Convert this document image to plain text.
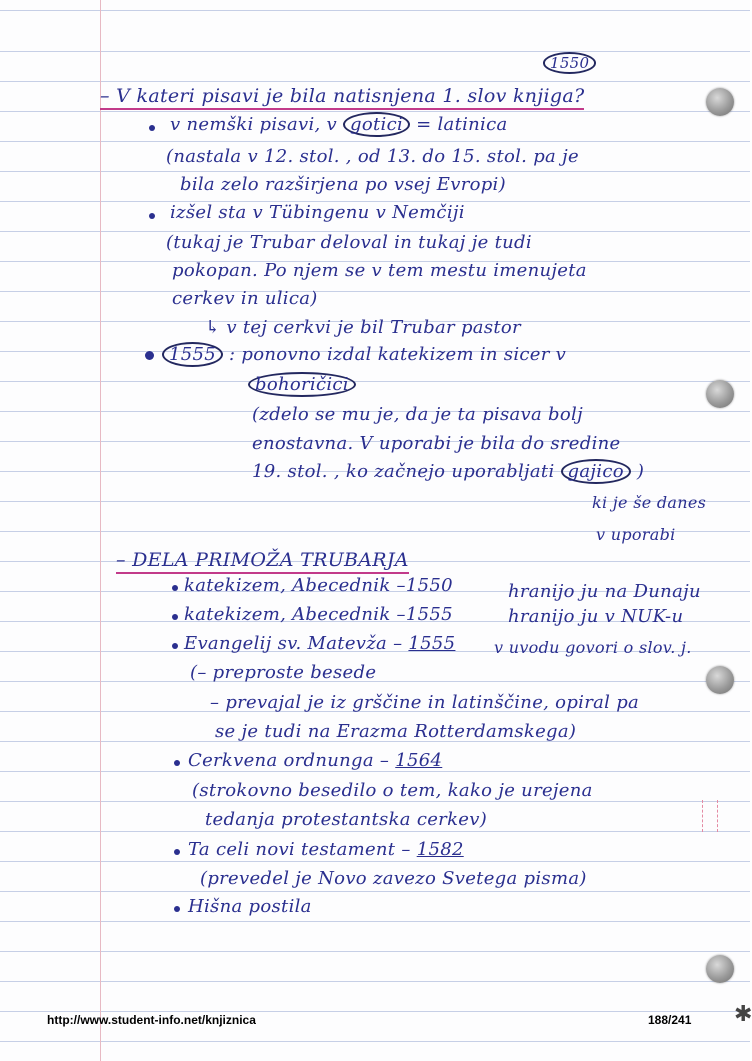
1550
– V kateri pisavi je bila natisnjena 1. slov knjiga?
v nemški pisavi, v gotici = latinica
(nastala v 12. stol. , od 13. do 15. stol. pa je
bila zelo razširjena po vsej Evropi)
izšel sta v Tübingenu v Nemčiji
(tukaj je Trubar deloval in tukaj je tudi
pokopan. Po njem se v tem mestu imenujeta
cerkev in ulica)
↳ v tej cerkvi je bil Trubar pastor
1555 : ponovno izdal katekizem in sicer v
bohoričici
(zdelo se mu je, da je ta pisava bolj
enostavna. V uporabi je bila do sredine
19. stol. , ko začnejo uporabljati gajico )
ki je še danes
v uporabi
– DELA PRIMOŽA TRUBARJA
katekizem, Abecednik –1550	hranijo ju na Dunaju
katekizem, Abecednik –1555	hranijo ju v NUK-u
Evangelij sv. Matevža – 1555 v uvodu govori o slov. j.
(– preproste besede
– prevajal je iz grščine in latinščine, opiral pa
se je tudi na Erazma Rotterdamskega)
Cerkvena ordnunga – 1564
(strokovno besedilo o tem, kako je urejena
tedanja protestantska cerkev)
Ta celi novi testament – 1582
(prevedel je Novo zavezo Svetega pisma)
Hišna postila
http://www.student-info.net/knjiznica	188/241 ✱
